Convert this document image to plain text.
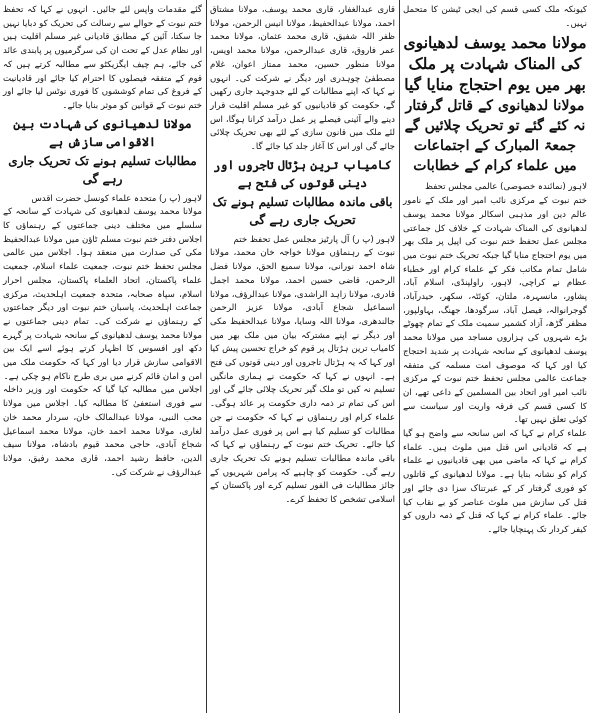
کیونکہ ملک کسی قسم کی ایجی ٹیشن کا متحمل نہیں۔

مولانا محمد یوسف لدھیانوی کی المناک شہادت پر ملک بھر میں یوم احتجاج منایا گیا
مولانا لدھیانوی کے قاتل گرفتار نہ کئے گئے تو تحریک چلائیں گے جمعۃ المبارک کے اجتماعات میں علماء کرام کے خطابات

لاہور (نمائندہ خصوصی) عالمی مجلس تحفظ

ختم نبوت کے مرکزی نائب امیر اور ملک کے نامور عالم دین اور مذہبی اسکالر مولانا محمد یوسف لدھیانوی کی المناک شہادت کے خلاف کل جماعتی مجلس عمل تحفظ ختم نبوت کی اپیل پر ملک بھر میں یوم احتجاج منایا گیا جبکہ تحریک ختم نبوت میں شامل تمام مکاتب فکر کے علماء کرام اور خطباء عظام نے کراچی، لاہور، راولپنڈی، اسلام آباد، پشاور، مانسہرہ، ملتان، کوئٹہ، سکھر، حیدرآباد، گوجرانوالہ، فیصل آباد، سرگودھا، جھنگ، بہاولپور، مظفر گڑھ، آزاد کشمیر سمیت ملک کے تمام چھوٹے بڑے شہروں کی ہزاروں مساجد میں مولانا محمد یوسف لدھیانوی کے سانحہ شہادت پر شدید احتجاج کیا اور کہا کہ موصوف امت مسلمہ کی متفقہ جماعت عالمی مجلس تحفظ ختم نبوت کے مرکزی نائب امیر اور اتحاد بین المسلمین کے داعی تھے، ان کا کسی قسم کی فرقہ واریت اور سیاست سے کوئی تعلق نہیں تھا۔

علماء کرام نے کہا کہ اس سانحہ سے واضح ہو گیا ہے کہ قادیانی اس قتل میں ملوث ہیں۔ علماء کرام نے کہا کہ ماضی میں بھی قادیانیوں نے علماء کرام کو نشانہ بنایا ہے۔ مولانا لدھیانوی کے قاتلوں کو فوری گرفتار کر کے عبرتناک سزا دی جائے اور قتل کی سازش میں ملوث عناصر کو بے نقاب کیا جائے۔ علماء کرام نے کہا کہ قتل کے ذمہ داروں کو کیفر کردار تک پہنچایا جائے۔

قاری عبدالغفار، قاری محمد یوسف، مولانا مشتاق احمد، مولانا عبدالحفیظ، مولانا انیس الرحمن، مولانا ظفر اللہ شفیق، قاری محمد عثمان، مولانا محمد عمر فاروق، قاری عبدالرحمن، مولانا محمد اویس، مولانا منظور حسین، محمد ممتاز اعوان، غلام مصطفیٰ چوہدری اور دیگر نے شرکت کی۔ انہوں نے کہا کہ اپنے مطالبات کے لئے جدوجہد جاری رکھیں گے، حکومت کو قادیانیوں کو غیر مسلم اقلیت قرار دینے والے آئینی فیصلے پر عمل درآمد کرانا ہوگا، اس لئے ملک میں قانون سازی کے لئے بھی تحریک چلائی جائے گی اور اس کا آغاز جلد کیا جائے گا۔

کامیاب ترین ہڑتال تاجروں اور دینی قوتوں کی فتح ہے
باقی ماندہ مطالبات تسلیم ہونے تک تحریک جاری رہے گی

لاہور (پ ر) آل پارٹیز مجلس عمل تحفظ ختم

نبوت کے رہنماؤں مولانا خواجہ خان محمد، مولانا شاہ احمد نورانی، مولانا سمیع الحق، مولانا فضل الرحمن، قاضی حسین احمد، مولانا محمد اجمل قادری، مولانا زاہد الراشدی، مولانا عبدالرؤف، مولانا اسماعیل شجاع آبادی، مولانا عزیز الرحمن جالندھری، مولانا اللہ وسایا، مولانا عبدالحفیظ مکی اور دیگر نے اپنے مشترکہ بیان میں ملک بھر میں کامیاب ترین ہڑتال پر قوم کو خراج تحسین پیش کیا اور کہا کہ یہ ہڑتال تاجروں اور دینی قوتوں کی فتح ہے۔ انہوں نے کہا کہ حکومت نے ہماری مانگیں تسلیم نہ کیں تو ملک گیر تحریک چلائی جائے گی اور اس کی تمام تر ذمہ داری حکومت پر عائد ہوگی۔ علماء کرام اور رہنماؤں نے کہا کہ حکومت نے جن مطالبات کو تسلیم کیا ہے اس پر فوری عمل درآمد کیا جائے۔ تحریک ختم نبوت کے رہنماؤں نے کہا کہ باقی ماندہ مطالبات تسلیم ہونے تک تحریک جاری رہے گی۔ حکومت کو چاہیے کہ پرامن شہریوں کے جائز مطالبات فی الفور تسلیم کرے اور پاکستان کے اسلامی تشخص کا تحفظ کرے۔

گئے مقدمات واپس لئے جائیں۔ انہوں نے کہا کہ تحفظ ختم نبوت کے حوالے سے رسالت کی تحریک کو دبایا نہیں جا سکتا، آئین کے مطابق قادیانی غیر مسلم اقلیت ہیں اور نظام عدل کے تحت ان کی سرگرمیوں پر پابندی عائد کی جائے، ہم چیف ایگزیکٹو سے مطالبہ کرتے ہیں کہ قوم کے متفقہ فیصلوں کا احترام کیا جائے اور قادیانیت کے فروغ کی تمام کوششوں کا فوری نوٹس لیا جائے اور ختم نبوت کے قوانین کو موثر بنایا جائے۔

مولانا لدھیانوی کی شہادت بین الاقوامی سازش ہے
مطالبات تسلیم ہونے تک تحریک جاری رہے گی

لاہور (پ ر) متحدہ علماء کونسل حضرت اقدس

مولانا محمد یوسف لدھیانوی کی شہادت کے سانحہ کے سلسلے میں مختلف دینی جماعتوں کے رہنماؤں کا اجلاس دفتر ختم نبوت مسلم ٹاؤن میں مولانا عبدالحفیظ مکی کی صدارت میں منعقد ہوا۔ اجلاس میں عالمی مجلس تحفظ ختم نبوت، جمعیت علماء اسلام، جمعیت علماء پاکستان، اتحاد العلماء پاکستان، مجلس احرار اسلام، سپاہ صحابہ، متحدہ جمعیت اہلحدیث، مرکزی جماعت اہلحدیث، پاسبان ختم نبوت اور دیگر جماعتوں کے رہنماؤں نے شرکت کی۔ تمام دینی جماعتوں نے مولانا محمد یوسف لدھیانوی کے سانحہ شہادت پر گہرے دکھ اور افسوس کا اظہار کرتے ہوئے اسے ایک بین الاقوامی سازش قرار دیا اور کہا کہ حکومت ملک میں امن و امان قائم کرنے میں بری طرح ناکام ہو چکی ہے۔

اجلاس میں مطالبہ کیا گیا کہ حکومت اور وزیر داخلہ سے فوری استعفیٰ کا مطالبہ کیا۔ اجلاس میں مولانا محب النبی، مولانا عبدالمالک خان، سردار محمد خان لغاری، مولانا محمد احمد خان، مولانا محمد اسماعیل شجاع آبادی، حاجی محمد قیوم بادشاہ، مولانا سیف الدین، حافظ رشید احمد، قاری محمد رفیق، مولانا عبدالرؤف نے شرکت کی۔
